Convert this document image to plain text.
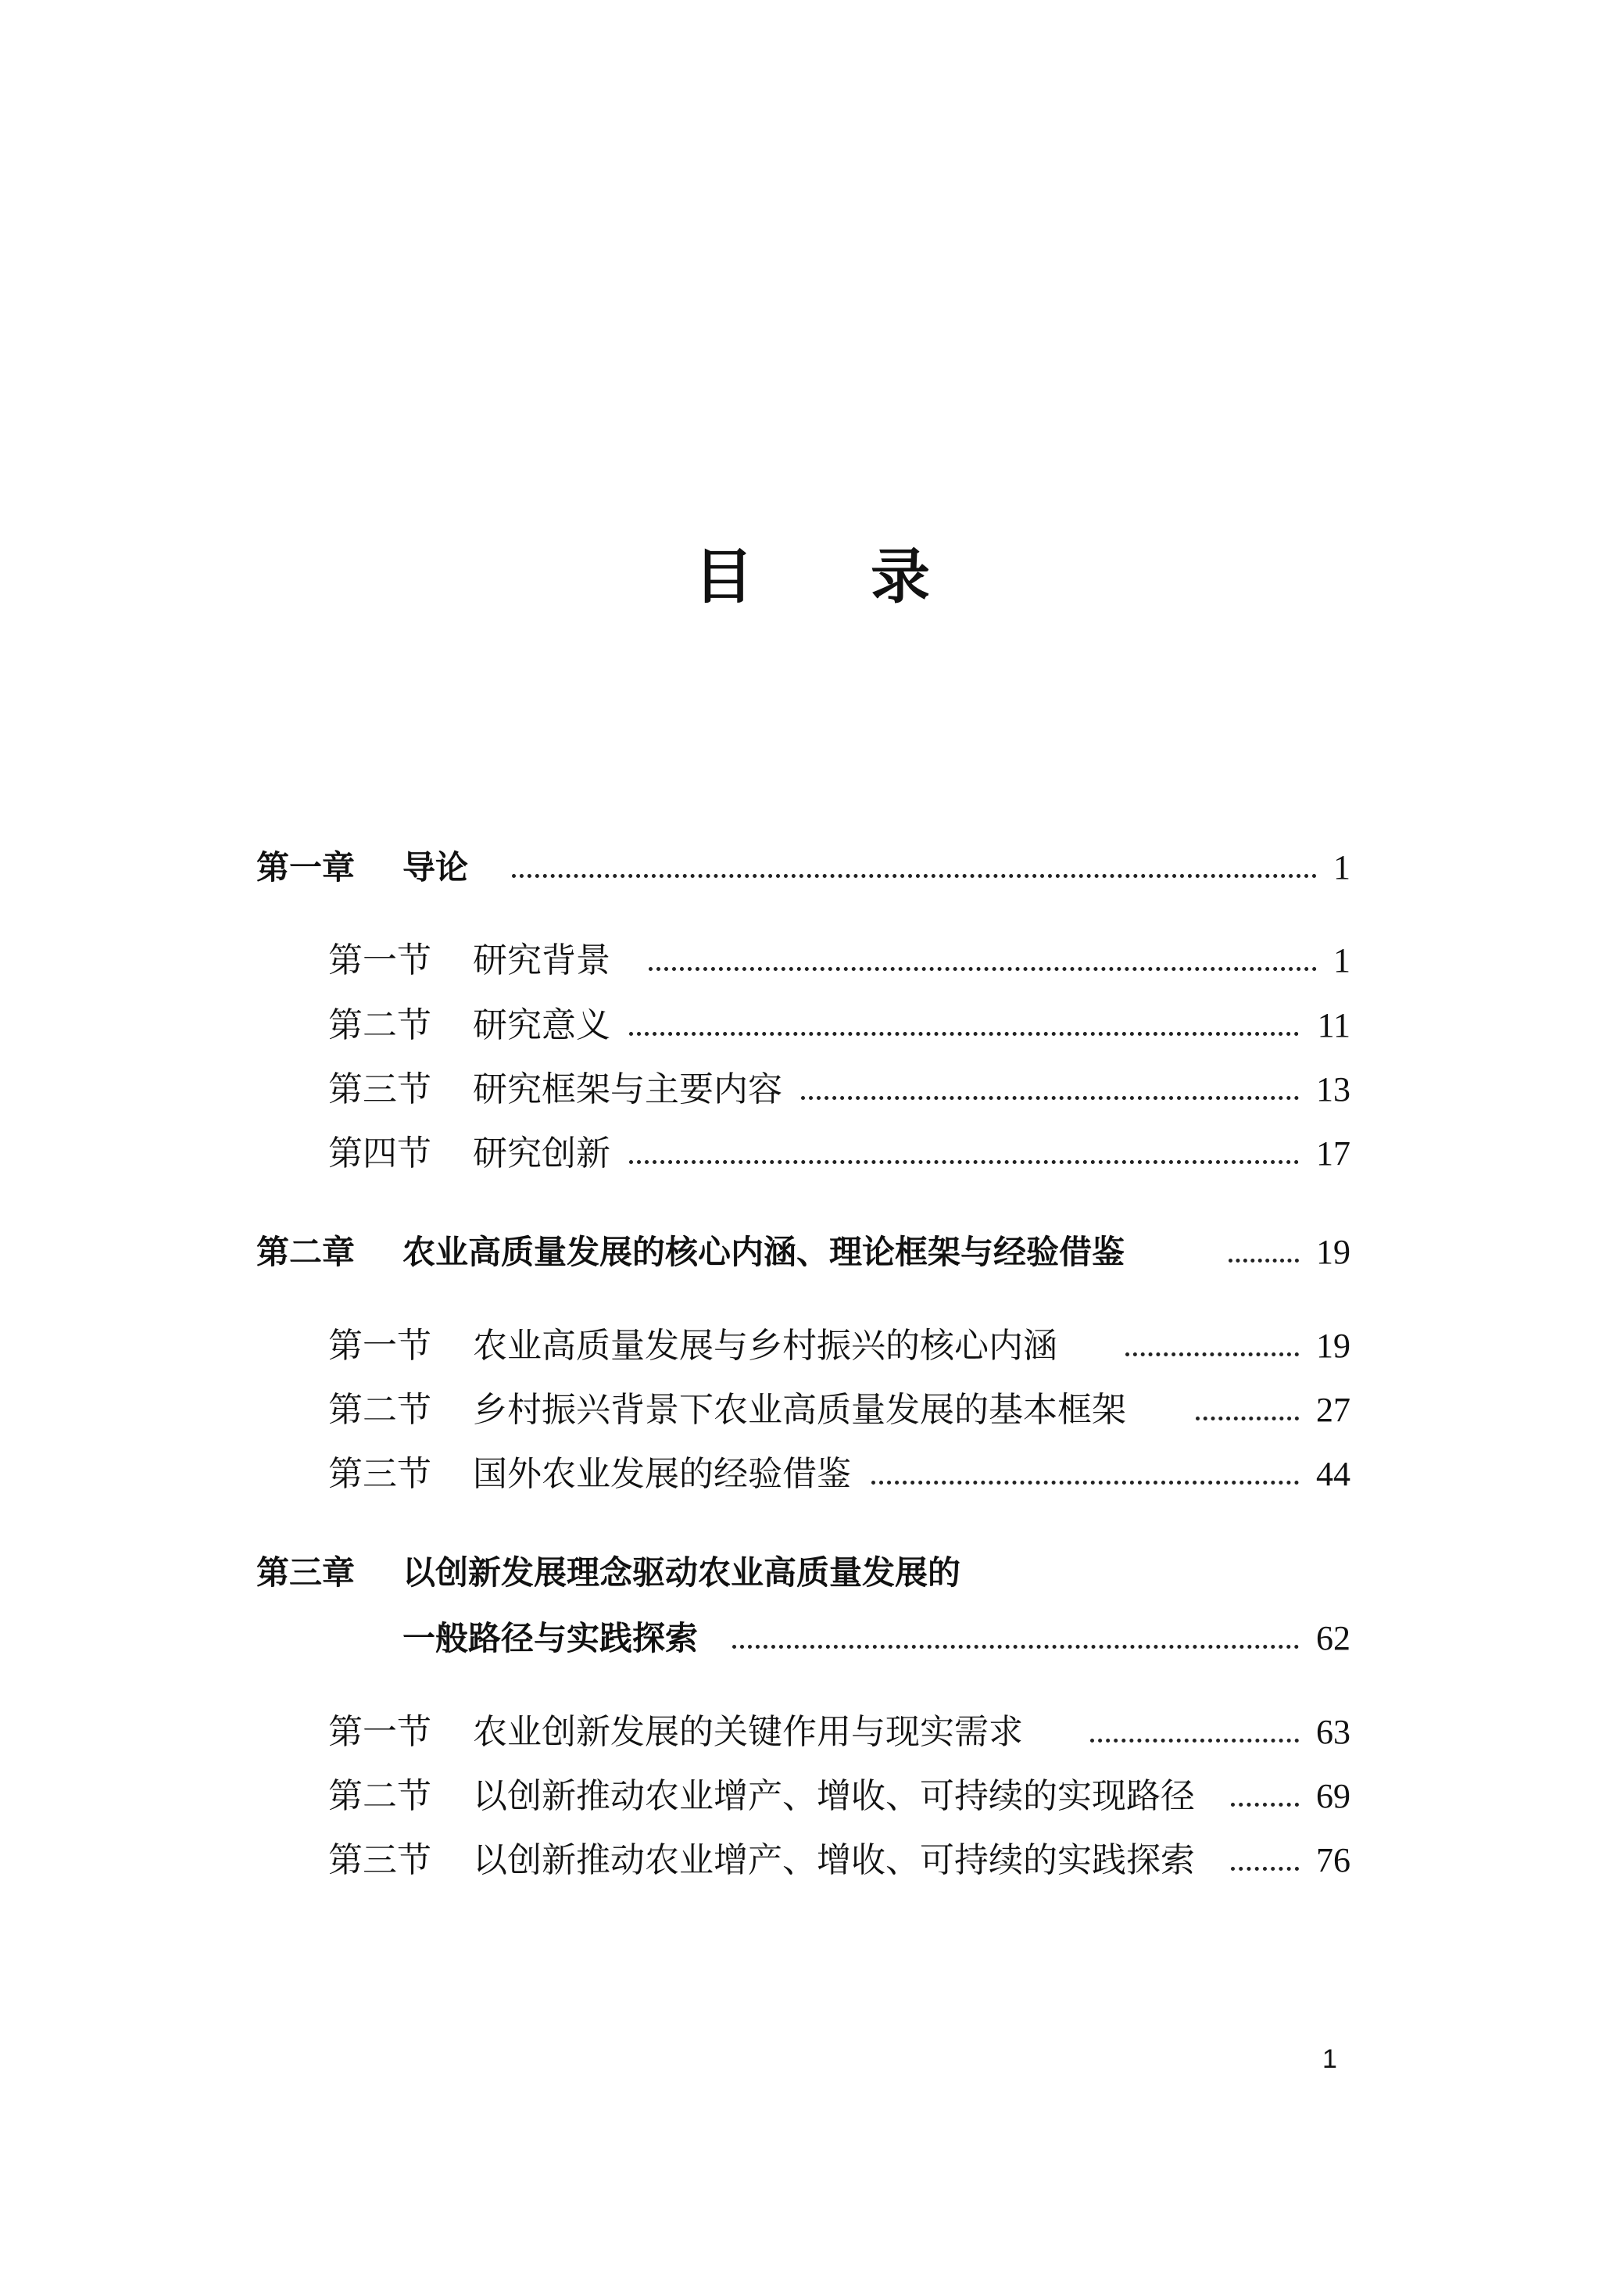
目 录
第一章 导论	1
第一节 研究背景	1
第二节 研究意义	11
第三节 研究框架与主要内容	13
第四节 研究创新	17
第二章 农业高质量发展的核心内涵、理论框架与经验借鉴	19
第一节 农业高质量发展与乡村振兴的核心内涵	19
第二节 乡村振兴背景下农业高质量发展的基本框架	27
第三节 国外农业发展的经验借鉴	44
第三章 以创新发展理念驱动农业高质量发展的
一般路径与实践探索	62
第一节 农业创新发展的关键作用与现实需求	63
第二节 以创新推动农业增产、增收、可持续的实现路径	69
第三节 以创新推动农业增产、增收、可持续的实践探索	76
1
